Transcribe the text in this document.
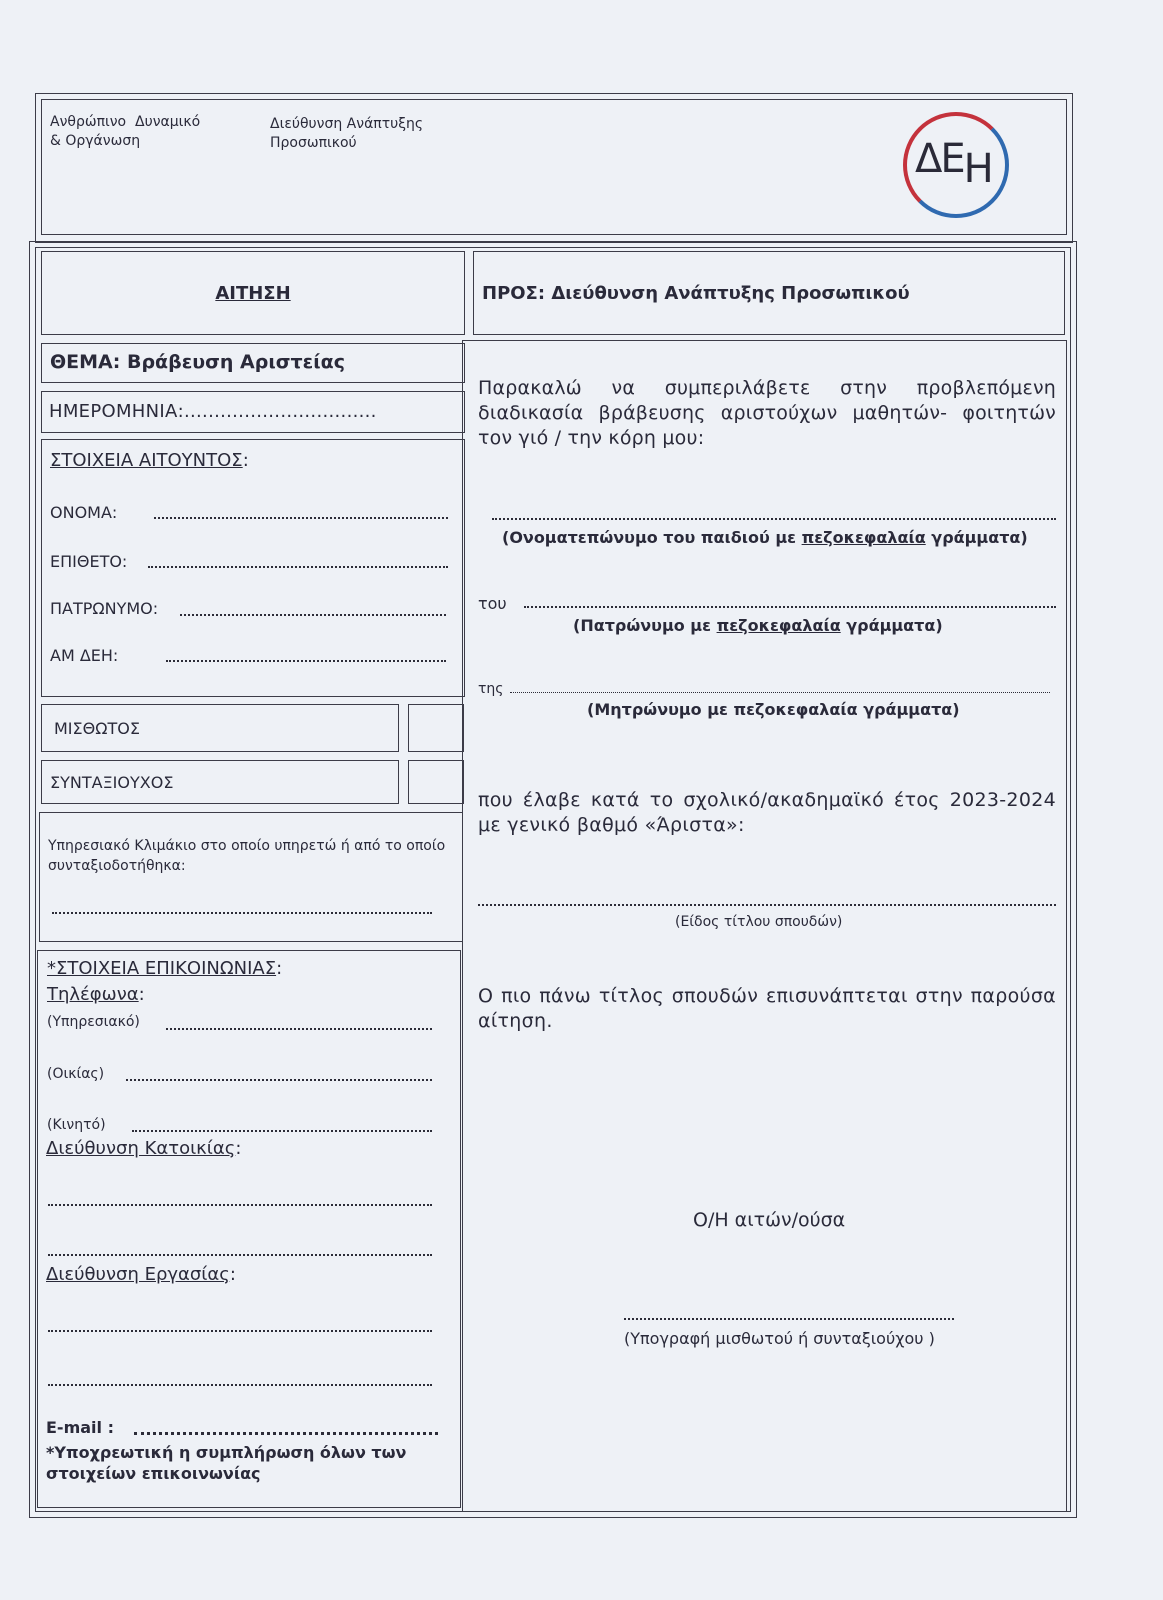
Ανθρώπινο  Δυναμικό
& Οργάνωση
Διεύθυνση Ανάπτυξης
Προσωπικού	ΔΕΗ
ΑΙΤΗΣΗ	ΠΡΟΣ: Διεύθυνση Ανάπτυξης Προσωπικού
ΘΕΜΑ: Βράβευση Αριστείας
ΗΜΕΡΟΜΗΝΙΑ:................................
ΣΤΟΙΧΕΙΑ ΑΙΤΟΥΝΤΟΣ:
ΟΝΟΜΑ:
ΕΠΙΘΕΤΟ:
ΠΑΤΡΩΝΥΜΟ:
ΑΜ ΔΕΗ:
ΜΙΣΘΩΤΟΣ
ΣΥΝΤΑΞΙΟΥΧΟΣ
Υπηρεσιακό Κλιμάκιο στο οποίο υπηρετώ ή από το οποίο συνταξιοδοτήθηκα:
*ΣΤΟΙΧΕΙΑ ΕΠΙΚΟΙΝΩΝΙΑΣ:
Τηλέφωνα:
(Υπηρεσιακό)
(Οικίας)
(Κινητό)
Διεύθυνση Κατοικίας:
Διεύθυνση Εργασίας:
E-mail :
*Υποχρεωτική η συμπλήρωση όλων των στοιχείων επικοινωνίας
Παρακαλώ να συμπεριλάβετε στην προβλεπόμενη διαδικασία βράβευσης αριστούχων μαθητών- φοιτητών τον γιό / την κόρη μου:
(Ονοματεπώνυμο του παιδιού με πεζοκεφαλαία γράμματα)
του
(Πατρώνυμο με πεζοκεφαλαία γράμματα)
της
(Μητρώνυμο με πεζοκεφαλαία γράμματα)
που έλαβε κατά το σχολικό/ακαδημαϊκό έτος 2023-2024 με γενικό βαθμό «Άριστα»:
(Είδος τίτλου σπουδών)
Ο πιο πάνω τίτλος σπουδών επισυνάπτεται στην παρούσα αίτηση.
Ο/Η αιτών/ούσα
(Υπογραφή μισθωτού ή συνταξιούχου )
